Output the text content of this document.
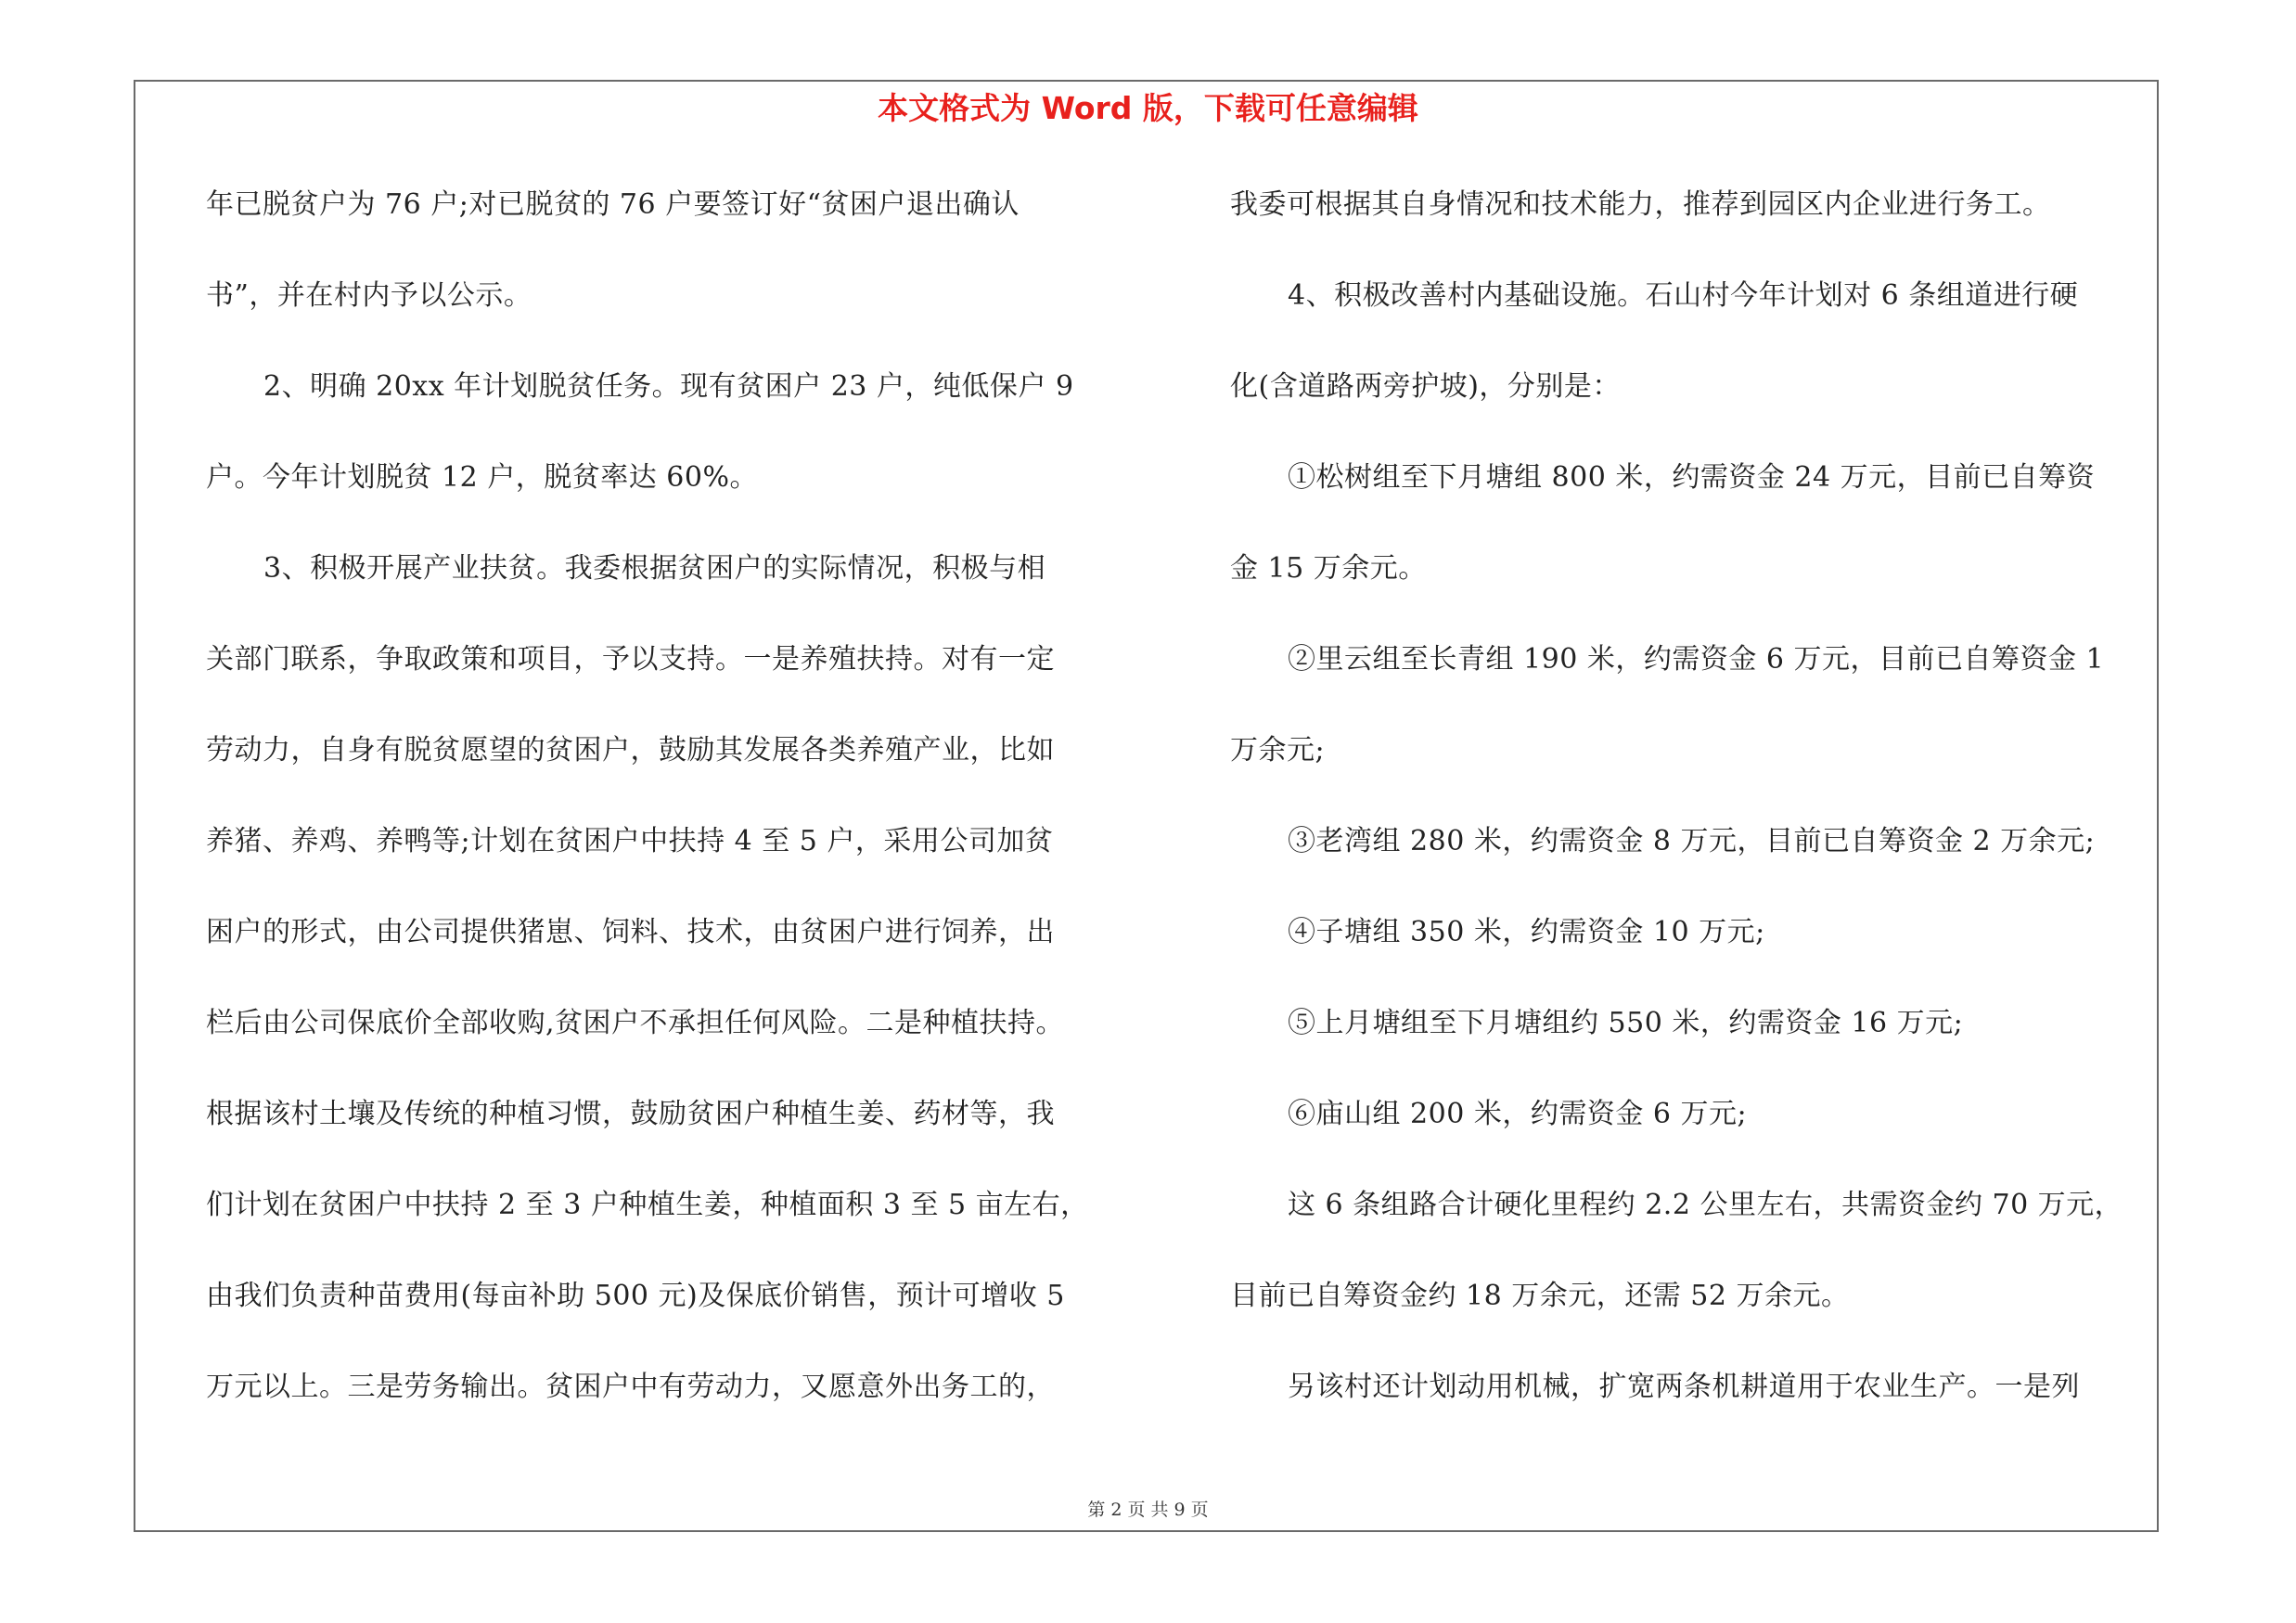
本文格式为 Word 版，下载可任意编辑
年已脱贫户为 76 户;对已脱贫的 76 户要签订好“贫困户退出确认
书”，并在村内予以公示。
2、明确 20xx 年计划脱贫任务。现有贫困户 23 户，纯低保户 9
户。今年计划脱贫 12 户，脱贫率达 60%。
3、积极开展产业扶贫。我委根据贫困户的实际情况，积极与相
关部门联系，争取政策和项目，予以支持。一是养殖扶持。对有一定
劳动力，自身有脱贫愿望的贫困户，鼓励其发展各类养殖产业，比如
养猪、养鸡、养鸭等;计划在贫困户中扶持 4 至 5 户，采用公司加贫
困户的形式，由公司提供猪崽、饲料、技术，由贫困户进行饲养，出
栏后由公司保底价全部收购,贫困户不承担任何风险。二是种植扶持。
根据该村土壤及传统的种植习惯，鼓励贫困户种植生姜、药材等，我
们计划在贫困户中扶持 2 至 3 户种植生姜，种植面积 3 至 5 亩左右，
由我们负责种苗费用(每亩补助 500 元)及保底价销售，预计可增收 5
万元以上。三是劳务输出。贫困户中有劳动力，又愿意外出务工的，
我委可根据其自身情况和技术能力，推荐到园区内企业进行务工。
4、积极改善村内基础设施。石山村今年计划对 6 条组道进行硬
化(含道路两旁护坡)，分别是：
①松树组至下月塘组 800 米，约需资金 24 万元，目前已自筹资
金 15 万余元。
②里云组至长青组 190 米，约需资金 6 万元，目前已自筹资金 1
万余元;
③老湾组 280 米，约需资金 8 万元，目前已自筹资金 2 万余元;
④子塘组 350 米，约需资金 10 万元;
⑤上月塘组至下月塘组约 550 米，约需资金 16 万元;
⑥庙山组 200 米，约需资金 6 万元;
这 6 条组路合计硬化里程约 2.2 公里左右，共需资金约 70 万元，
目前已自筹资金约 18 万余元，还需 52 万余元。
另该村还计划动用机械，扩宽两条机耕道用于农业生产。一是列
第 2 页 共 9 页
